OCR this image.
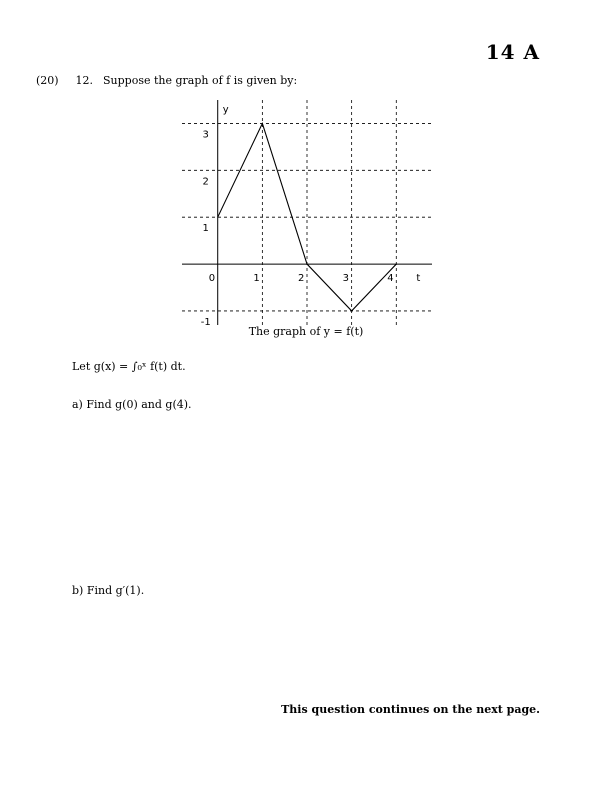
14 A
(20) 12. Suppose the graph of f is given by:
0	1	2	3	4
-1
1
2
3
t
y
The graph of y = f(t)
Let g(x) = ∫₀ˣ f(t) dt.
a) Find g(0) and g(4).
b) Find g′(1).
This question continues on the next page.
